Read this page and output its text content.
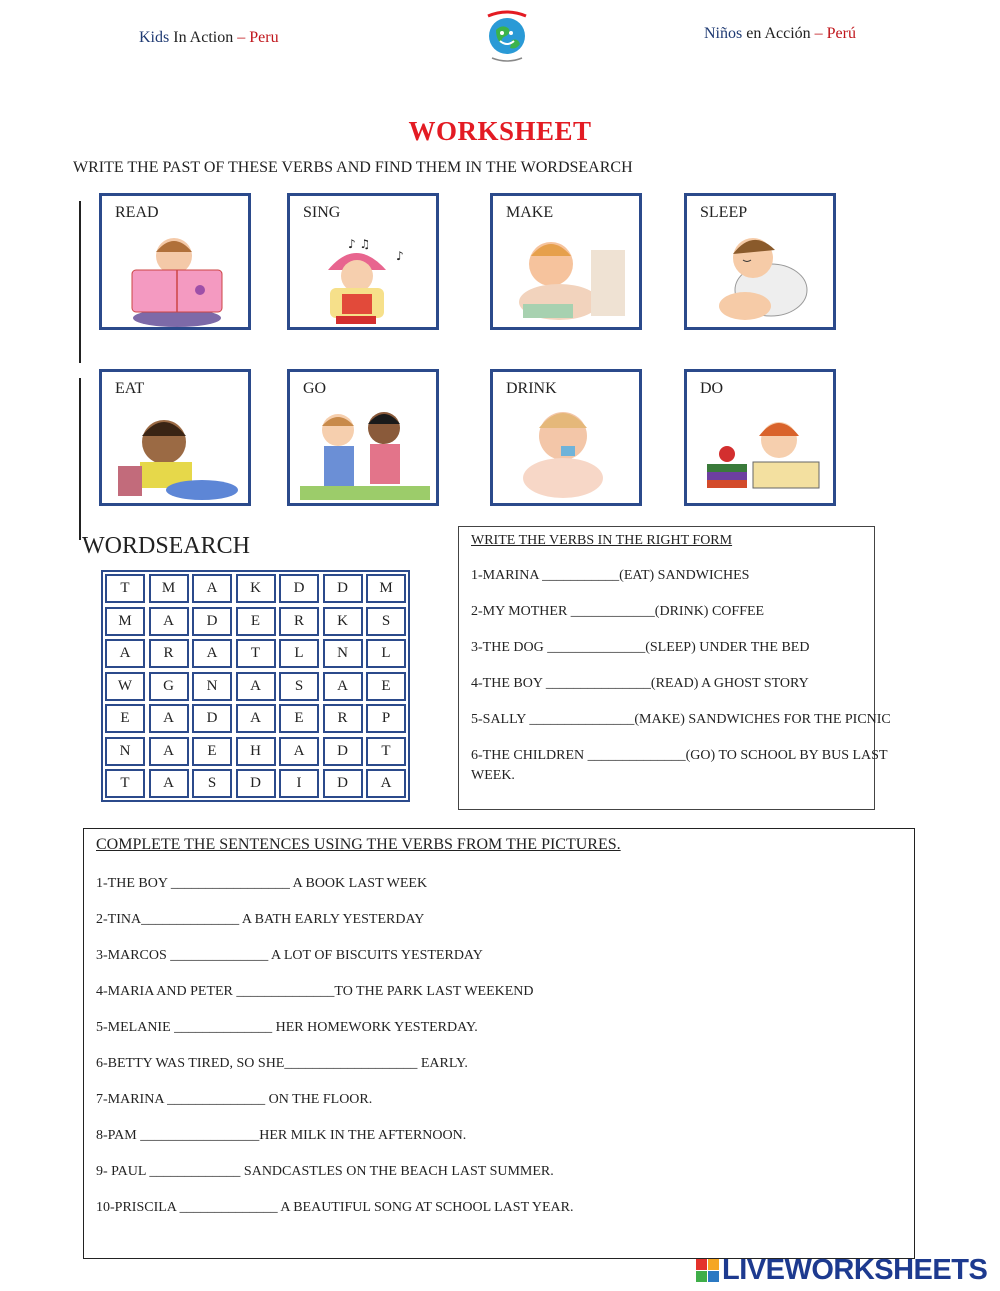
Kids In Action – Peru	Niños en Acción – Perú
WORKSHEET
WRITE THE PAST OF THESE VERBS AND FIND THEM IN THE WORDSEARCH
READ	SING
♪ ♫
♪
MAKE	SLEEP
EAT	GO	DRINK	DO
WORDSEARCH
T	M	A	K	D	D	M
M	A	D	E	R	K	S
A	R	A	T	L	N	L
W	G	N	A	S	A	E
E	A	D	A	E	R	P
N	A	E	H	A	D	T
T	A	S	D	I	D	A
WRITE THE VERBS IN THE RIGHT FORM
1-MARINA ___________(EAT) SANDWICHES
2-MY MOTHER ____________(DRINK) COFFEE
3-THE DOG ______________(SLEEP) UNDER THE BED
4-THE BOY _______________(READ) A GHOST STORY
5-SALLY _______________(MAKE) SANDWICHES FOR THE PICNIC
6-THE CHILDREN ______________(GO) TO SCHOOL BY BUS LAST
WEEK.
COMPLETE THE SENTENCES USING THE VERBS FROM THE PICTURES.
1-THE BOY _________________ A BOOK LAST WEEK
2-TINA______________ A BATH EARLY YESTERDAY
3-MARCOS ______________ A LOT OF BISCUITS YESTERDAY
4-MARIA AND PETER ______________TO THE PARK LAST WEEKEND
5-MELANIE ______________ HER HOMEWORK YESTERDAY.
6-BETTY WAS TIRED, SO SHE___________________ EARLY.
7-MARINA ______________ ON THE FLOOR.
8-PAM _________________HER MILK IN THE AFTERNOON.
9- PAUL _____________ SANDCASTLES ON THE BEACH LAST SUMMER.
10-PRISCILA ______________ A BEAUTIFUL SONG AT SCHOOL LAST YEAR.
LIVEWORKSHEETS
